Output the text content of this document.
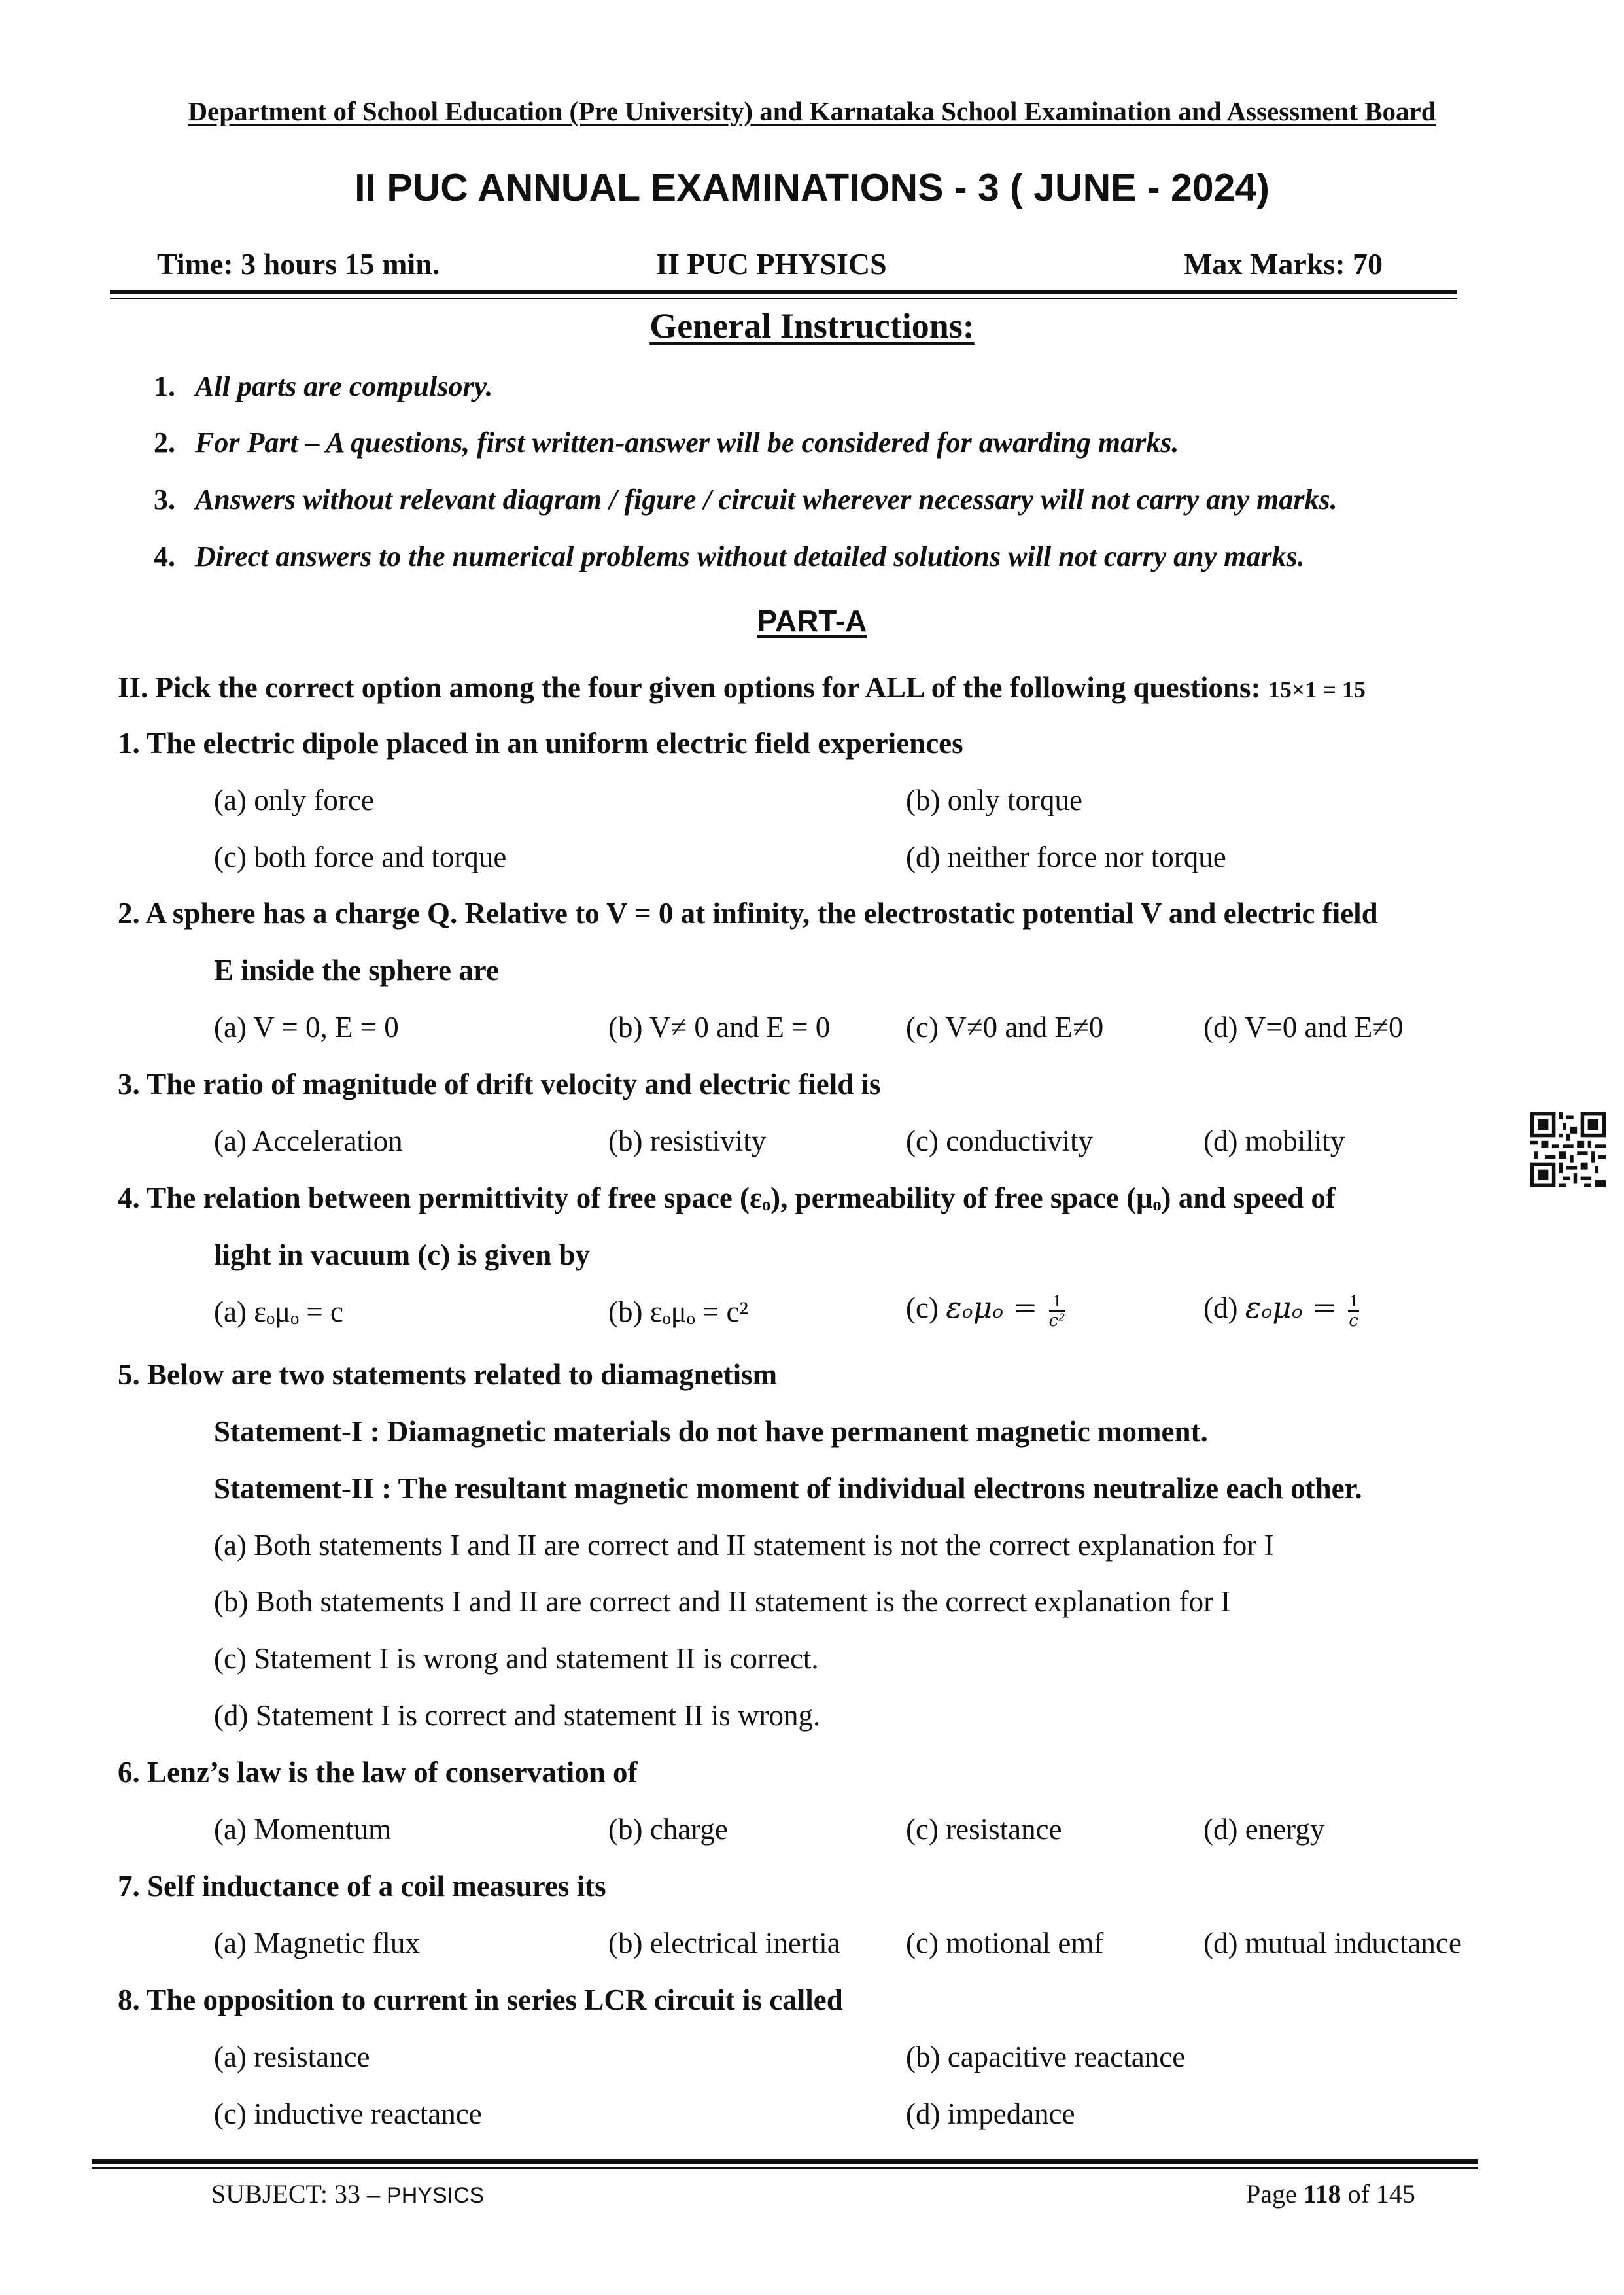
Department of School Education (Pre University) and Karnataka School Examination and Assessment Board
II PUC ANNUAL EXAMINATIONS - 3 ( JUNE - 2024)
Time: 3 hours 15 min.	II PUC PHYSICS	Max Marks: 70
General Instructions:
1. All parts are compulsory.
2. For Part – A questions, first written-answer will be considered for awarding marks.
3. Answers without relevant diagram / figure / circuit wherever necessary will not carry any marks.
4. Direct answers to the numerical problems without detailed solutions will not carry any marks.
PART-A
II. Pick the correct option among the four given options for ALL of the following questions: 15×1 = 15
1. The electric dipole placed in an uniform electric field experiences
(a) only force	(b) only torque
(c) both force and torque	(d) neither force nor torque
2. A sphere has a charge Q. Relative to V = 0 at infinity, the electrostatic potential V and electric field
E inside the sphere are
(a) V = 0, E = 0	(b) V≠ 0 and E = 0	(c) V≠0 and E≠0	(d) V=0 and E≠0
3. The ratio of magnitude of drift velocity and electric field is
(a) Acceleration	(b) resistivity	(c) conductivity	(d) mobility
4. The relation between permittivity of free space (εₒ), permeability of free space (μₒ) and speed of
light in vacuum (c) is given by
(a) εₒμₒ = c	(b) εₒμₒ = c²	(c) $\varepsilon_o\mu_o = \frac{1}{\text{c²}}$	(d) $\varepsilon_o\mu_o = \frac{1}{c}$
5. Below are two statements related to diamagnetism
Statement-I : Diamagnetic materials do not have permanent magnetic moment.
Statement-II : The resultant magnetic moment of individual electrons neutralize each other.
(a) Both statements I and II are correct and II statement is not the correct explanation for I
(b) Both statements I and II are correct and II statement is the correct explanation for I
(c) Statement I is wrong and statement II is correct.
(d) Statement I is correct and statement II is wrong.
6. Lenz’s law is the law of conservation of
(a) Momentum	(b) charge	(c) resistance	(d) energy
7. Self inductance of a coil measures its
(a) Magnetic flux	(b) electrical inertia (c) motional emf	(d) mutual inductance
8. The opposition to current in series LCR circuit is called
(a) resistance	(b) capacitive reactance
(c) inductive reactance	(d) impedance
SUBJECT: 33 – PHYSICS	Page 118 of 145
